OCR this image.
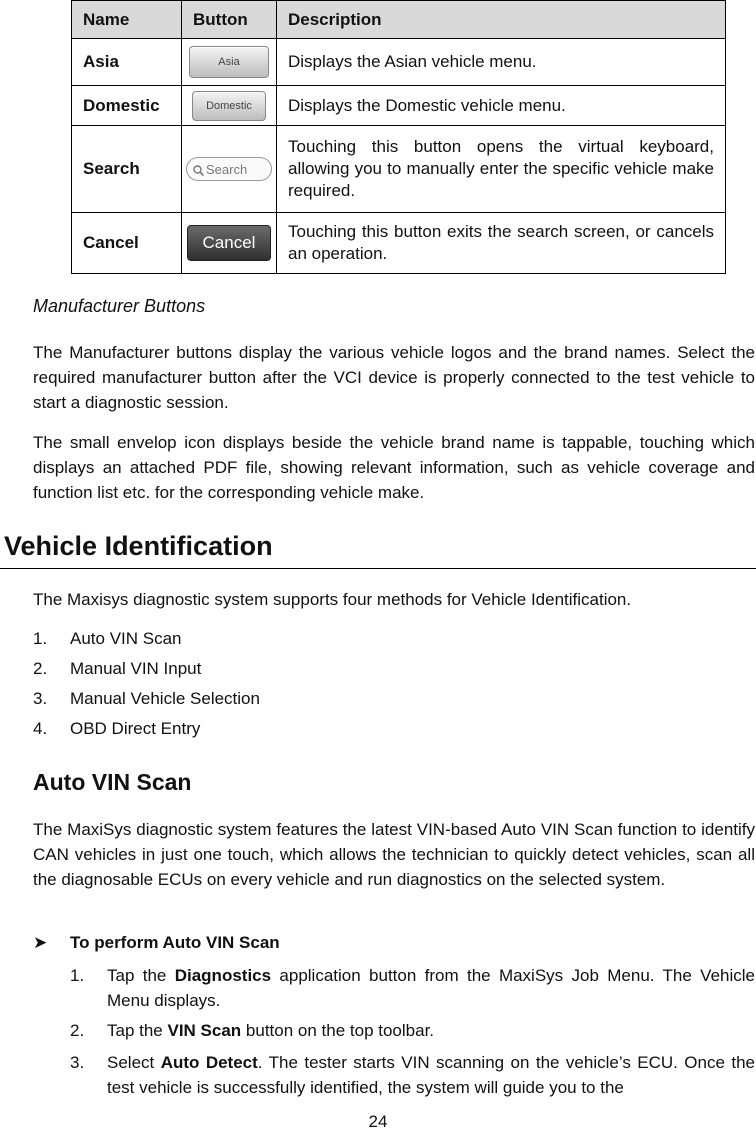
Name	Button	Description
Asia	Asia	Displays the Asian vehicle menu.
Domestic	Domestic	Displays the Domestic vehicle menu.
Search	Search	Touching this button opens the virtual keyboard, allowing you to manually enter the specific vehicle make required.
Cancel	Cancel	Touching this button exits the search screen, or cancels an operation.
Manufacturer Buttons
The Manufacturer buttons display the various vehicle logos and the brand names. Select the required manufacturer button after the VCI device is properly connected to the test vehicle to start a diagnostic session.
The small envelop icon displays beside the vehicle brand name is tappable, touching which displays an attached PDF file, showing relevant information, such as vehicle coverage and function list etc. for the corresponding vehicle make.
Vehicle Identification
The Maxisys diagnostic system supports four methods for Vehicle Identification.
1. Auto VIN Scan
2. Manual VIN Input
3. Manual Vehicle Selection
4. OBD Direct Entry
Auto VIN Scan
The MaxiSys diagnostic system features the latest VIN-based Auto VIN Scan function to identify CAN vehicles in just one touch, which allows the technician to quickly detect vehicles, scan all the diagnosable ECUs on every vehicle and run diagnostics on the selected system.
➤ To perform Auto VIN Scan
1. Tap the Diagnostics application button from the MaxiSys Job Menu. The Vehicle Menu displays.
2. Tap the VIN Scan button on the top toolbar.
3. Select Auto Detect. The tester starts VIN scanning on the vehicle’s ECU. Once the test vehicle is successfully identified, the system will guide you to the
24
